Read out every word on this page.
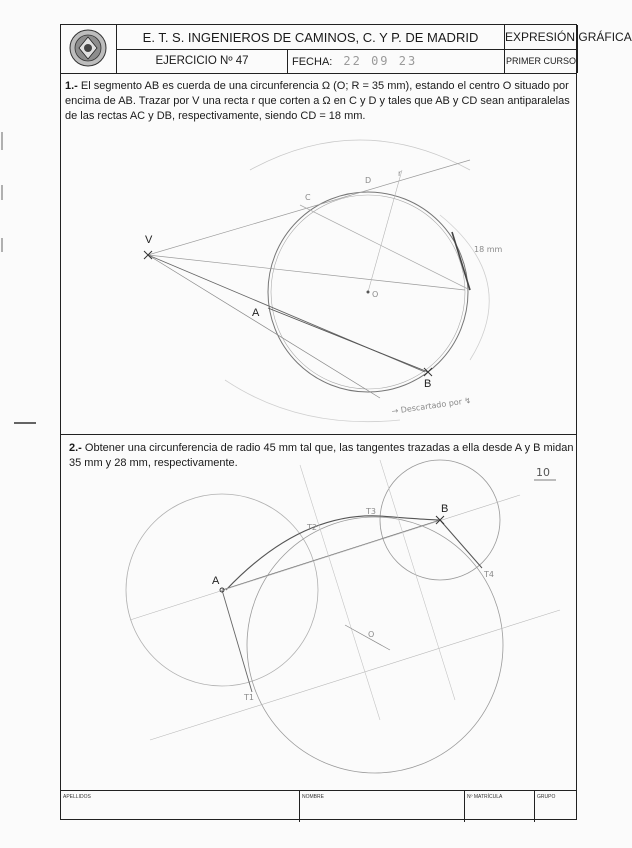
E. T. S. INGENIEROS DE CAMINOS, C. Y P. DE MADRID	EXPRESIÓN GRÁFICA
EJERCICIO Nº 47	FECHA: 22 09 23	PRIMER CURSO
1.- El segmento AB es cuerda de una circunferencia Ω (O; R = 35 mm), estando el centro O situado por encima de AB. Trazar por V una recta r que corten a Ω en C y D y tales que AB y CD sean antiparalelas de las rectas AC y DB, respectivamente, siendo CD = 18 mm.
2.- Obtener una circunferencia de radio 45 mm tal que, las tangentes trazadas a ella desde A y B midan 35 mm y 28 mm, respectivamente.
APELLIDOS	NOMBRE	Nº MATRÍCULA	GRUPO
V
A
B
C
D
O
r
18 mm
→ Descartado por ↯
A
B
O
T1
T2
T3
T4
10
